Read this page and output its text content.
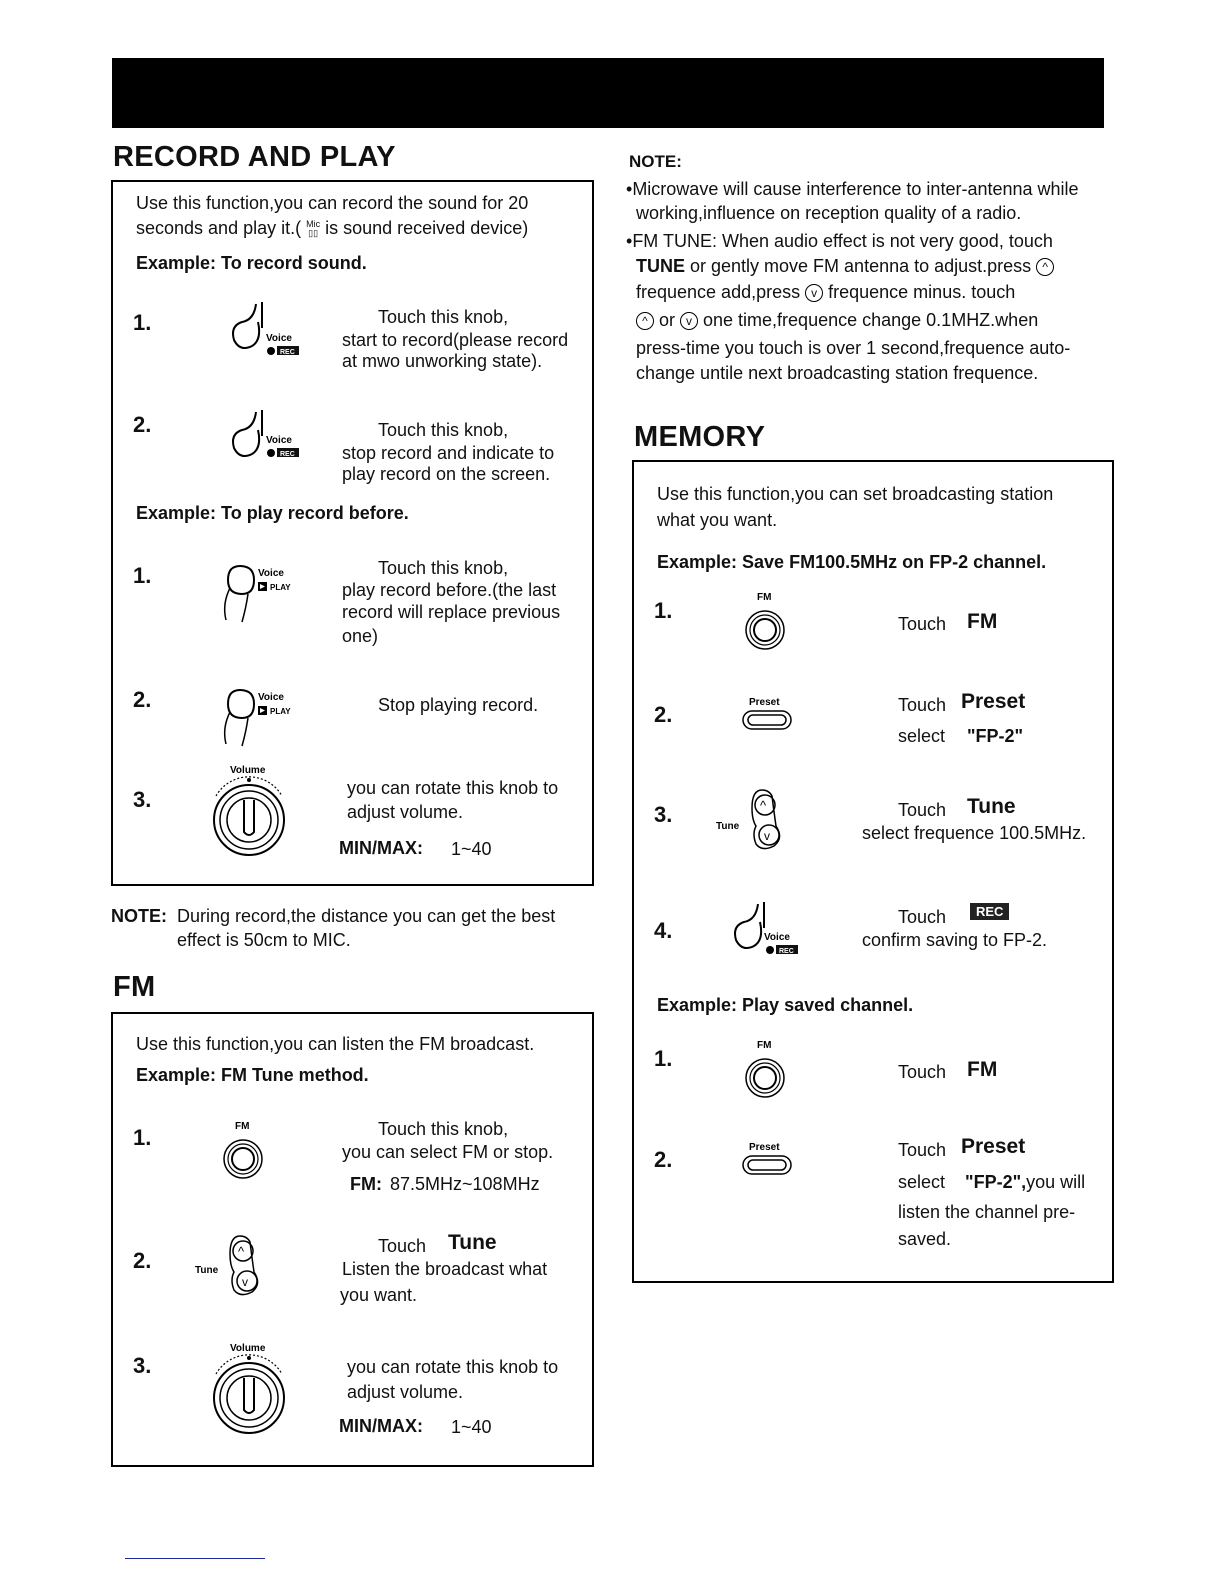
RECORD AND PLAY
Use this function,you can record the sound for 20
seconds and play it.( Mic
▯▯ is sound received device)
Example: To record sound.
1.
Voice
REC
Touch this knob,
start to record(please record
at mwo unworking state).
2.
Voice
REC
Touch this knob,
stop record and indicate to
play record on the screen.
Example: To play record before.
1.	Voice
PLAY
Touch this knob,
play record before.(the last
record will replace previous
one)
2.	Voice
PLAY	Stop playing record.
3.
Volume
you can rotate this knob to
adjust volume.
MIN/MAX: 1~40
NOTE: During record,the distance you can get the best
effect is 50cm to MIC.
FM
Use this function,you can listen the FM broadcast.
Example: FM Tune method.
1.	FM	Touch this knob,
you can select FM or stop.
FM: 87.5MHz~108MHz
2.	^
v
Tune
Touch Tune
Listen the broadcast what
you want.
3.
Volume
you can rotate this knob to
adjust volume.
MIN/MAX: 1~40
NOTE:
•Microwave will cause interference to inter-antenna while
working,influence on reception quality of a radio.
•FM TUNE: When audio effect is not very good, touch
TUNE or gently move FM antenna to adjust.press ^
frequence add,press v frequence minus. touch
^ or v one time,frequence change 0.1MHZ.when
press-time you touch is over 1 second,frequence auto-
change untile next broadcasting station frequence.
MEMORY
Use this function,you can set broadcasting station
what you want.
Example: Save FM100.5MHz on FP-2 channel.
1.
FM
Touch FM
2.	Preset	Touch Preset
select "FP-2"
3.	^
v
Tune
Touch Tune
select frequence 100.5MHz.
4.	Voice
REC
Touch	REC
confirm saving to FP-2.
Example: Play saved channel.
1.
FM
Touch FM
2.	Preset	Touch Preset
select "FP-2",you will
listen the channel pre-
saved.
